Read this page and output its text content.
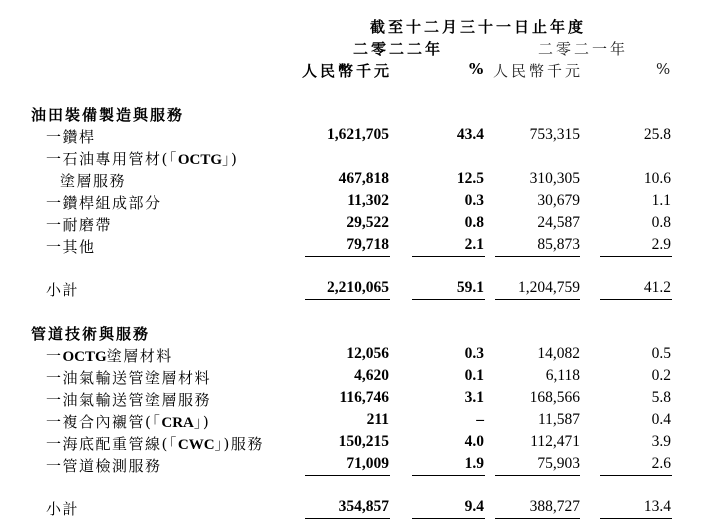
截至十二月三十一日止年度
二零二二年	二零二一年
人民幣千元	% 人民幣千元	%
油田裝備製造與服務
一鑽桿	1,621,705	43.4	753,315	25.8
一石油專用管材(「OCTG」)
塗層服務	467,818	12.5	310,305	10.6
一鑽桿組成部分	11,302	0.3	30,679	1.1
一耐磨帶	29,522	0.8	24,587	0.8
一其他	79,718	2.1	85,873	2.9
小計	2,210,065	59.1 1,204,759	41.2
管道技術與服務
一OCTG塗層材料	12,056	0.3	14,082	0.5
一油氣輸送管塗層材料	4,620	0.1	6,118	0.2
一油氣輸送管塗層服務	116,746	3.1	168,566	5.8
一複合內襯管(「CRA」)	211	–	11,587	0.4
一海底配重管線(「CWC」)服務	150,215	4.0	112,471	3.9
一管道檢測服務	71,009	1.9	75,903	2.6
小計	354,857	9.4	388,727	13.4
